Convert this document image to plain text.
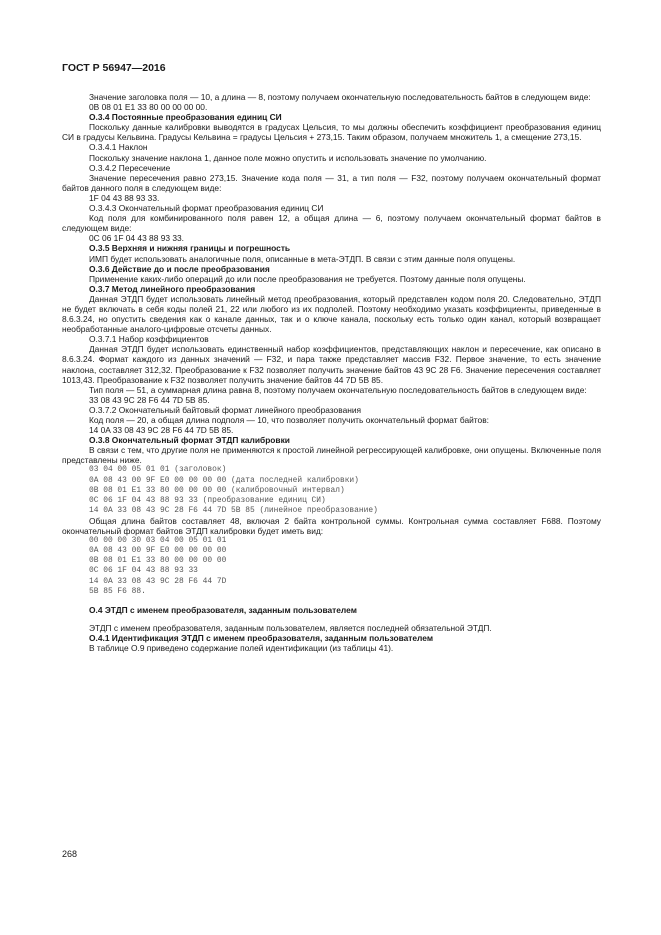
ГОСТ Р 56947—2016

Значение заголовка поля — 10, а длина — 8, поэтому получаем окончательную последовательность байтов в следующем виде:

0В 08 01 Е1 33 80 00 00 00 00.

О.3.4 Постоянные преобразования единиц СИ

Поскольку данные калибровки выводятся в градусах Цельсия, то мы должны обеспечить коэффициент преобразования единиц СИ в градусы Кельвина. Градусы Кельвина = градусы Цельсия + 273,15. Таким образом, получаем множитель 1, а смещение 273,15.

О.3.4.1 Наклон

Поскольку значение наклона 1, данное поле можно опустить и использовать значение по умолчанию.

О.3.4.2 Пересечение

Значение пересечения равно 273,15. Значение кода поля — 31, а тип поля — F32, поэтому получаем окончательный формат байтов данного поля в следующем виде:

1F 04 43 88 93 33.

О.3.4.3 Окончательный формат преобразования единиц СИ

Код поля для комбинированного поля равен 12, а общая длина — 6, поэтому получаем окончательный формат байтов в следующем виде:

0С 06 1F 04 43 88 93 33.

О.3.5 Верхняя и нижняя границы и погрешность

ИМП будет использовать аналогичные поля, описанные в мета-ЭТДП. В связи с этим данные поля опущены.

О.3.6 Действие до и после преобразования

Применение каких-либо операций до или после преобразования не требуется. Поэтому данные поля опущены.

О.3.7 Метод линейного преобразования

Данная ЭТДП будет использовать линейный метод преобразования, который представлен кодом поля 20. Следовательно, ЭТДП не будет включать в себя коды полей 21, 22 или любого из их подполей. Поэтому необходимо указать коэффициенты, приведенные в 8.6.3.24, но опустить сведения как о канале данных, так и о ключе канала, поскольку есть только один канал, который возвращает необработанные аналого-цифровые отсчеты данных.

О.3.7.1 Набор коэффициентов

Данная ЭТДП будет использовать единственный набор коэффициентов, представляющих наклон и пересечение, как описано в 8.6.3.24. Формат каждого из данных значений — F32, и пара также представляет массив F32. Первое значение, то есть значение наклона, составляет 312,32. Преобразование к F32 позволяет получить значение байтов 43 9C 28 F6. Значение пересечения составляет 1013,43. Преобразование к F32 позволяет получить значение байтов 44 7D 5B 85.

Тип поля — 51, а суммарная длина равна 8, поэтому получаем окончательную последовательность байтов в следующем виде:

33 08 43 9C 28 F6 44 7D 5B 85.

О.3.7.2 Окончательный байтовый формат линейного преобразования

Код поля — 20, а общая длина подполя — 10, что позволяет получить окончательный формат байтов:

14 0A 33 08 43 9C 28 F6 44 7D 5B 85.

О.3.8 Окончательный формат ЭТДП калибровки

В связи с тем, что другие поля не применяются к простой линейной регрессирующей калибровке, они опущены. Включенные поля представлены ниже.

03 04 00 05 01 01 (заголовок)

0A 08 43 00 9F E0 00 00 00 00 (дата последней калибровки)

0B 08 01 E1 33 80 00 00 00 00 (калибровочный интервал)

0C 06 1F 04 43 88 93 33 (преобразование единиц СИ)

14 0A 33 08 43 9C 28 F6 44 7D 5B 85 (линейное преобразование)

Общая длина байтов составляет 48, включая 2 байта контрольной суммы. Контрольная сумма составляет F688. Поэтому окончательный формат байтов ЭТДП калибровки будет иметь вид:

00 00 00 30 03 04 00 05 01 01

0A 08 43 00 9F E0 00 00 00 00

0B 08 01 E1 33 80 00 00 00 00

0C 06 1F 04 43 88 93 33

14 0A 33 08 43 9C 28 F6 44 7D

5B 85 F6 88.

О.4 ЭТДП с именем преобразователя, заданным пользователем

ЭТДП с именем преобразователя, заданным пользователем, является последней обязательной ЭТДП.

О.4.1 Идентификация ЭТДП с именем преобразователя, заданным пользователем

В таблице О.9 приведено содержание полей идентификации (из таблицы 41).

268
